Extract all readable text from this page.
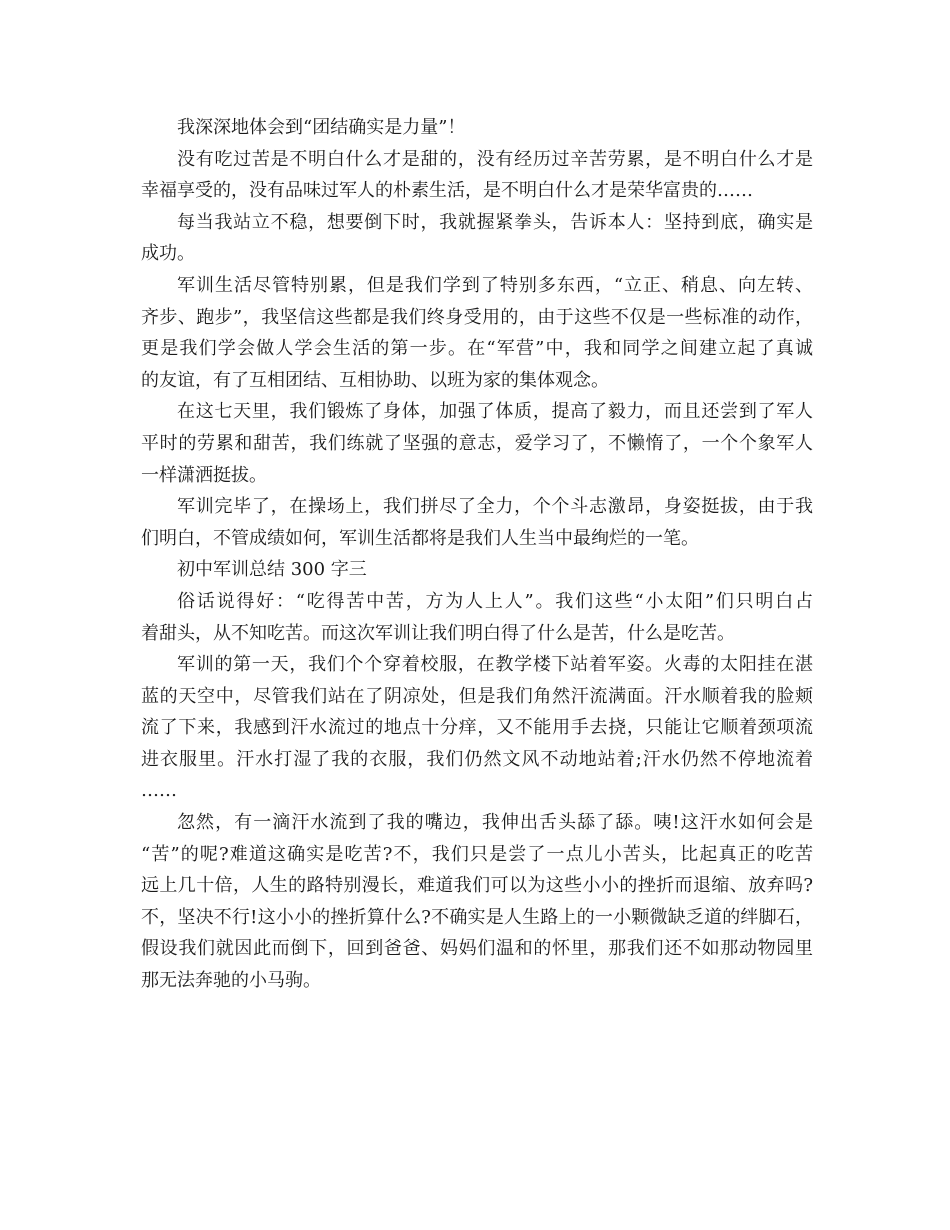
我深深地体会到“团结确实是力量”！
没有吃过苦是不明白什么才是甜的，没有经历过辛苦劳累，是不明白什么才是
幸福享受的，没有品味过军人的朴素生活，是不明白什么才是荣华富贵的……
每当我站立不稳，想要倒下时，我就握紧拳头，告诉本人：坚持到底，确实是
成功。
军训生活尽管特别累，但是我们学到了特别多东西，“立正、稍息、向左转、
齐步、跑步”，我坚信这些都是我们终身受用的，由于这些不仅是一些标准的动作，
更是我们学会做人学会生活的第一步。在“军营”中，我和同学之间建立起了真诚
的友谊，有了互相团结、互相协助、以班为家的集体观念。
在这七天里，我们锻炼了身体，加强了体质，提高了毅力，而且还尝到了军人
平时的劳累和甜苦，我们练就了坚强的意志，爱学习了，不懒惰了，一个个象军人
一样潇洒挺拔。
军训完毕了，在操场上，我们拼尽了全力，个个斗志激昂，身姿挺拔，由于我
们明白，不管成绩如何，军训生活都将是我们人生当中最绚烂的一笔。
初中军训总结 300 字三
俗话说得好：“吃得苦中苦，方为人上人”。我们这些“小太阳”们只明白占
着甜头，从不知吃苦。而这次军训让我们明白得了什么是苦，什么是吃苦。
军训的第一天，我们个个穿着校服，在教学楼下站着军姿。火毒的太阳挂在湛
蓝的天空中，尽管我们站在了阴凉处，但是我们角然汗流满面。汗水顺着我的脸颊
流了下来，我感到汗水流过的地点十分痒，又不能用手去挠，只能让它顺着颈项流
进衣服里。汗水打湿了我的衣服，我们仍然文风不动地站着;汗水仍然不停地流着
……
忽然，有一滴汗水流到了我的嘴边，我伸出舌头舔了舔。咦!这汗水如何会是
“苦”的呢?难道这确实是吃苦?不，我们只是尝了一点儿小苦头，比起真正的吃苦
远上几十倍，人生的路特别漫长，难道我们可以为这些小小的挫折而退缩、放弃吗?
不，坚决不行!这小小的挫折算什么?不确实是人生路上的一小颗微缺乏道的绊脚石，
假设我们就因此而倒下，回到爸爸、妈妈们温和的怀里，那我们还不如那动物园里
那无法奔驰的小马驹。
